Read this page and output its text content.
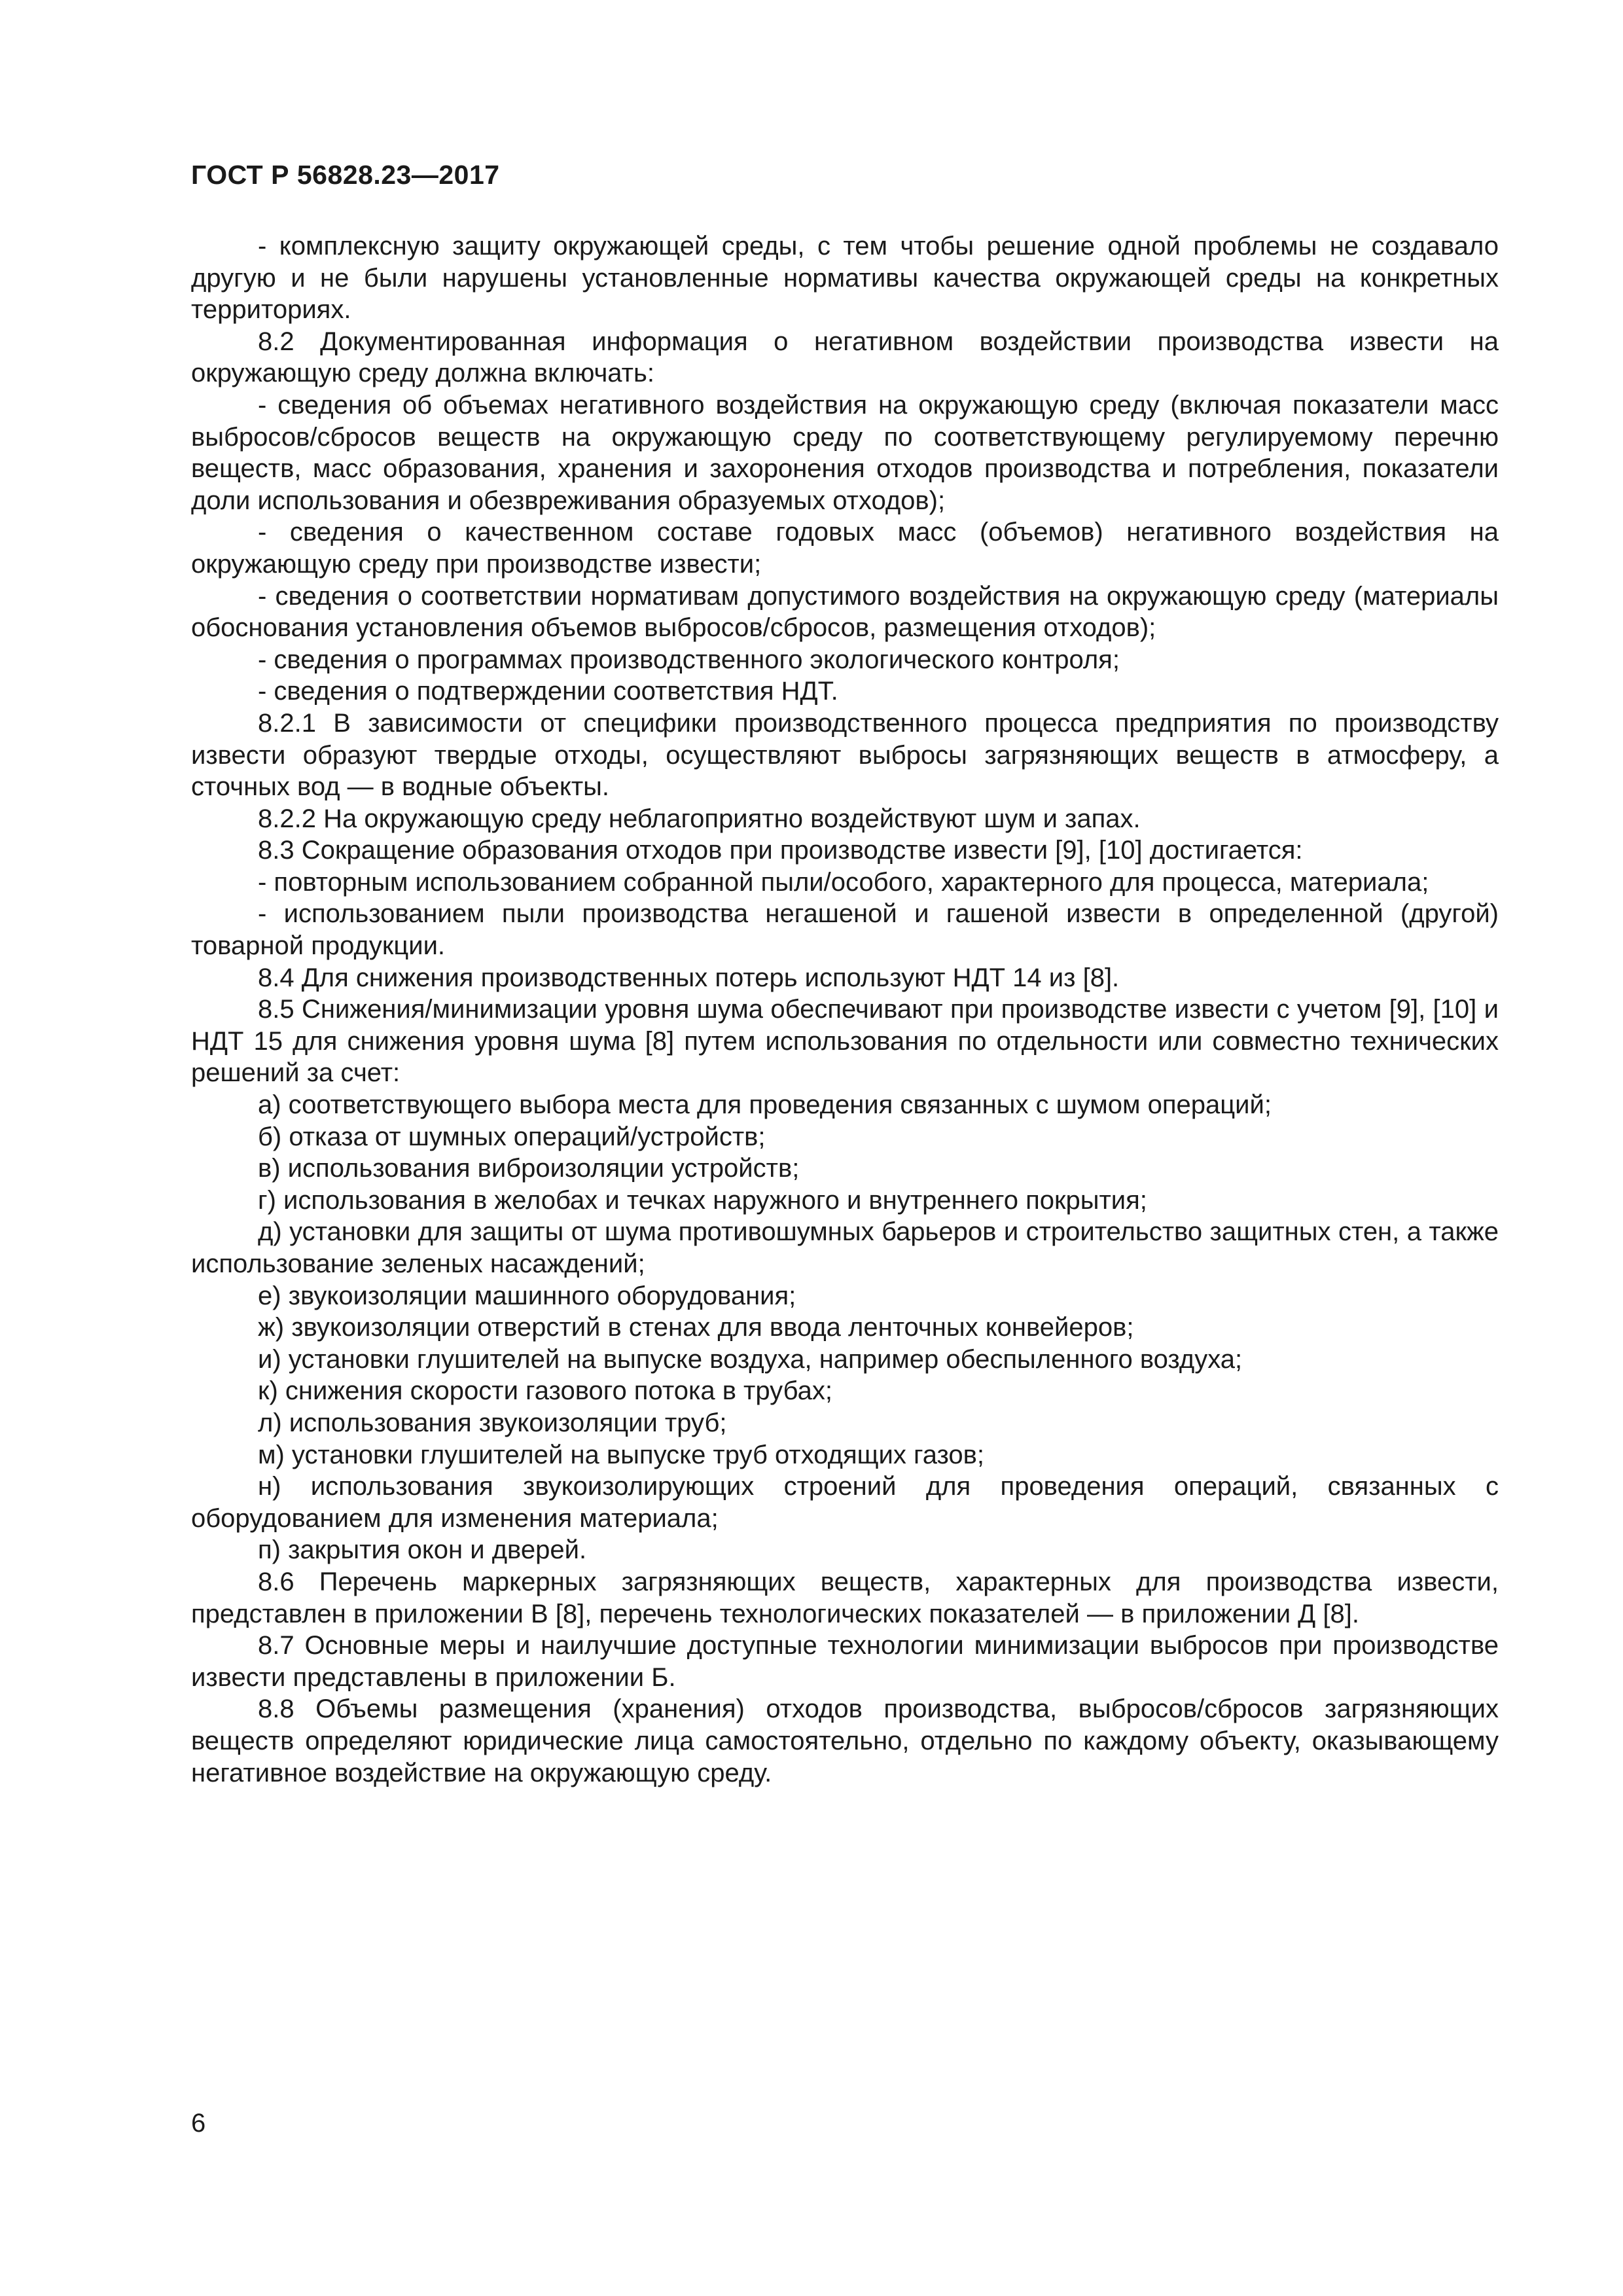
ГОСТ Р 56828.23—2017

- комплексную защиту окружающей среды, с тем чтобы решение одной проблемы не создавало другую и не были нарушены установленные нормативы качества окружающей среды на конкретных территориях.

8.2 Документированная информация о негативном воздействии производства извести на окружающую среду должна включать:

- сведения об объемах негативного воздействия на окружающую среду (включая показатели масс выбросов/сбросов веществ на окружающую среду по соответствующему регулируемому перечню веществ, масс образования, хранения и захоронения отходов производства и потребления, показатели доли использования и обезвреживания образуемых отходов);

- сведения о качественном составе годовых масс (объемов) негативного воздействия на окружающую среду при производстве извести;

- сведения о соответствии нормативам допустимого воздействия на окружающую среду (материалы обоснования установления объемов выбросов/сбросов, размещения отходов);

- сведения о программах производственного экологического контроля;

- сведения о подтверждении соответствия НДТ.

8.2.1 В зависимости от специфики производственного процесса предприятия по производству извести образуют твердые отходы, осуществляют выбросы загрязняющих веществ в атмосферу, а сточных вод — в водные объекты.

8.2.2 На окружающую среду неблагоприятно воздействуют шум и запах.

8.3 Сокращение образования отходов при производстве извести [9], [10] достигается:

- повторным использованием собранной пыли/особого, характерного для процесса, материала;

- использованием пыли производства негашеной и гашеной извести в определенной (другой) товарной продукции.

8.4 Для снижения производственных потерь используют НДТ 14 из [8].

8.5 Снижения/минимизации уровня шума обеспечивают при производстве извести с учетом [9], [10] и НДТ 15 для снижения уровня шума [8] путем использования по отдельности или совместно технических решений за счет:

а) соответствующего выбора места для проведения связанных с шумом операций;

б) отказа от шумных операций/устройств;

в) использования виброизоляции устройств;

г) использования в желобах и течках наружного и внутреннего покрытия;

д) установки для защиты от шума противошумных барьеров и строительство защитных стен, а также использование зеленых насаждений;

е) звукоизоляции машинного оборудования;

ж) звукоизоляции отверстий в стенах для ввода ленточных конвейеров;

и) установки глушителей на выпуске воздуха, например обеспыленного воздуха;

к) снижения скорости газового потока в трубах;

л) использования звукоизоляции труб;

м) установки глушителей на выпуске труб отходящих газов;

н) использования звукоизолирующих строений для проведения операций, связанных с оборудованием для изменения материала;

п) закрытия окон и дверей.

8.6 Перечень маркерных загрязняющих веществ, характерных для производства извести, представлен в приложении В [8], перечень технологических показателей — в приложении Д [8].

8.7 Основные меры и наилучшие доступные технологии минимизации выбросов при производстве извести представлены в приложении Б.

8.8 Объемы размещения (хранения) отходов производства, выбросов/сбросов загрязняющих веществ определяют юридические лица самостоятельно, отдельно по каждому объекту, оказывающему негативное воздействие на окружающую среду.

6
